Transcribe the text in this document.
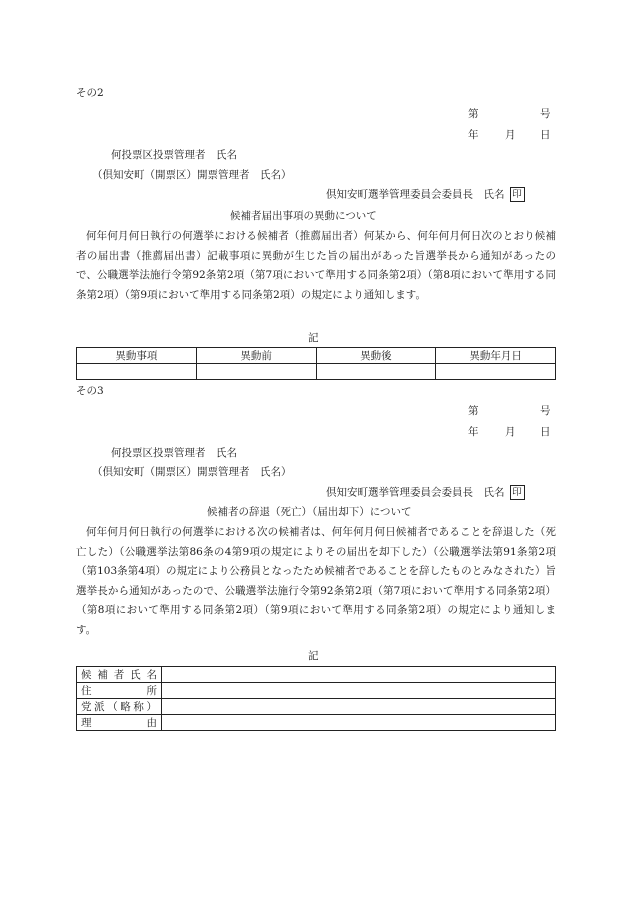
その2
第	号
年	月 日
何投票区投票管理者　氏名
（倶知安町（開票区）開票管理者　氏名）
倶知安町選挙管理委員会委員長　氏名 印
候補者届出事項の異動について
何年何月何日執行の何選挙における候補者（推薦届出者）何某から、何年何月何日次のとおり候補者の届出書（推薦届出書）記載事項に異動が生じた旨の届出があった旨選挙長から通知があったので、公職選挙法施行令第92条第2項（第7項において準用する同条第2項）（第8項において準用する同条第2項）（第9項において準用する同条第2項）の規定により通知します。
記
異動事項	異動前	異動後	異動年月日

その3
第	号
年	月 日
何投票区投票管理者　氏名
（倶知安町（開票区）開票管理者　氏名）
倶知安町選挙管理委員会委員長　氏名 印
候補者の辞退（死亡）（届出却下）について
何年何月何日執行の何選挙における次の候補者は、何年何月何日候補者であることを辞退した（死亡した）（公職選挙法第86条の4第9項の規定によりその届出を却下した）（公職選挙法第91条第2項（第103条第4項）の規定により公務員となったため候補者であることを辞したものとみなされた）旨選挙長から通知があったので、公職選挙法施行令第92条第2項（第7項において準用する同条第2項）（第8項において準用する同条第2項）（第9項において準用する同条第2項）の規定により通知します。
記
候補者氏名	
住所	
党派（略称）	
理由	
